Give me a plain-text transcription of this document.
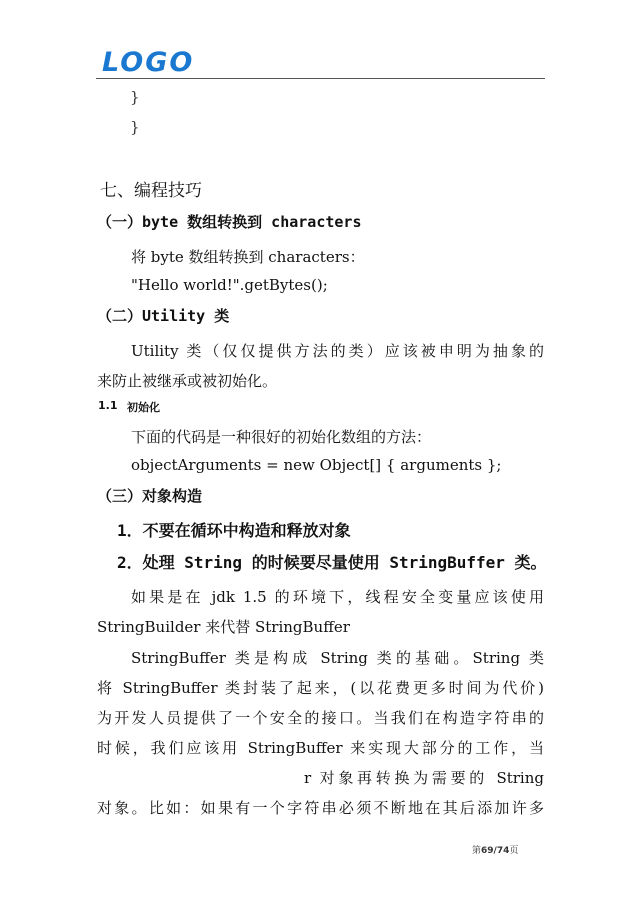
LOGO
}
}
七、编程技巧
（一）byte 数组转换到 characters
将 byte 数组转换到 characters：
"Hello world!".getBytes();
（二）Utility 类
Utility 类（仅仅提供方法的类）应该被申明为抽象的
来防止被继承或被初始化。
1.1 初始化
下面的代码是一种很好的初始化数组的方法：
objectArguments = new Object[] { arguments };
（三）对象构造
1．不要在循环中构造和释放对象
2．处理 String 的时候要尽量使用 StringBuffer 类。
如果是在 jdk 1.5 的环境下，线程安全变量应该使用
StringBuilder 来代替 StringBuffer
StringBuffer 类是构成 String 类的基础。String 类
将 StringBuffer 类封装了起来，(以花费更多时间为代价)
为开发人员提供了一个安全的接口。当我们在构造字符串的
时候，我们应该用 StringBuffer 来实现大部分的工作，当
r 对象再转换为需要的 String
对象。比如：如果有一个字符串必须不断地在其后添加许多
第69/74页
